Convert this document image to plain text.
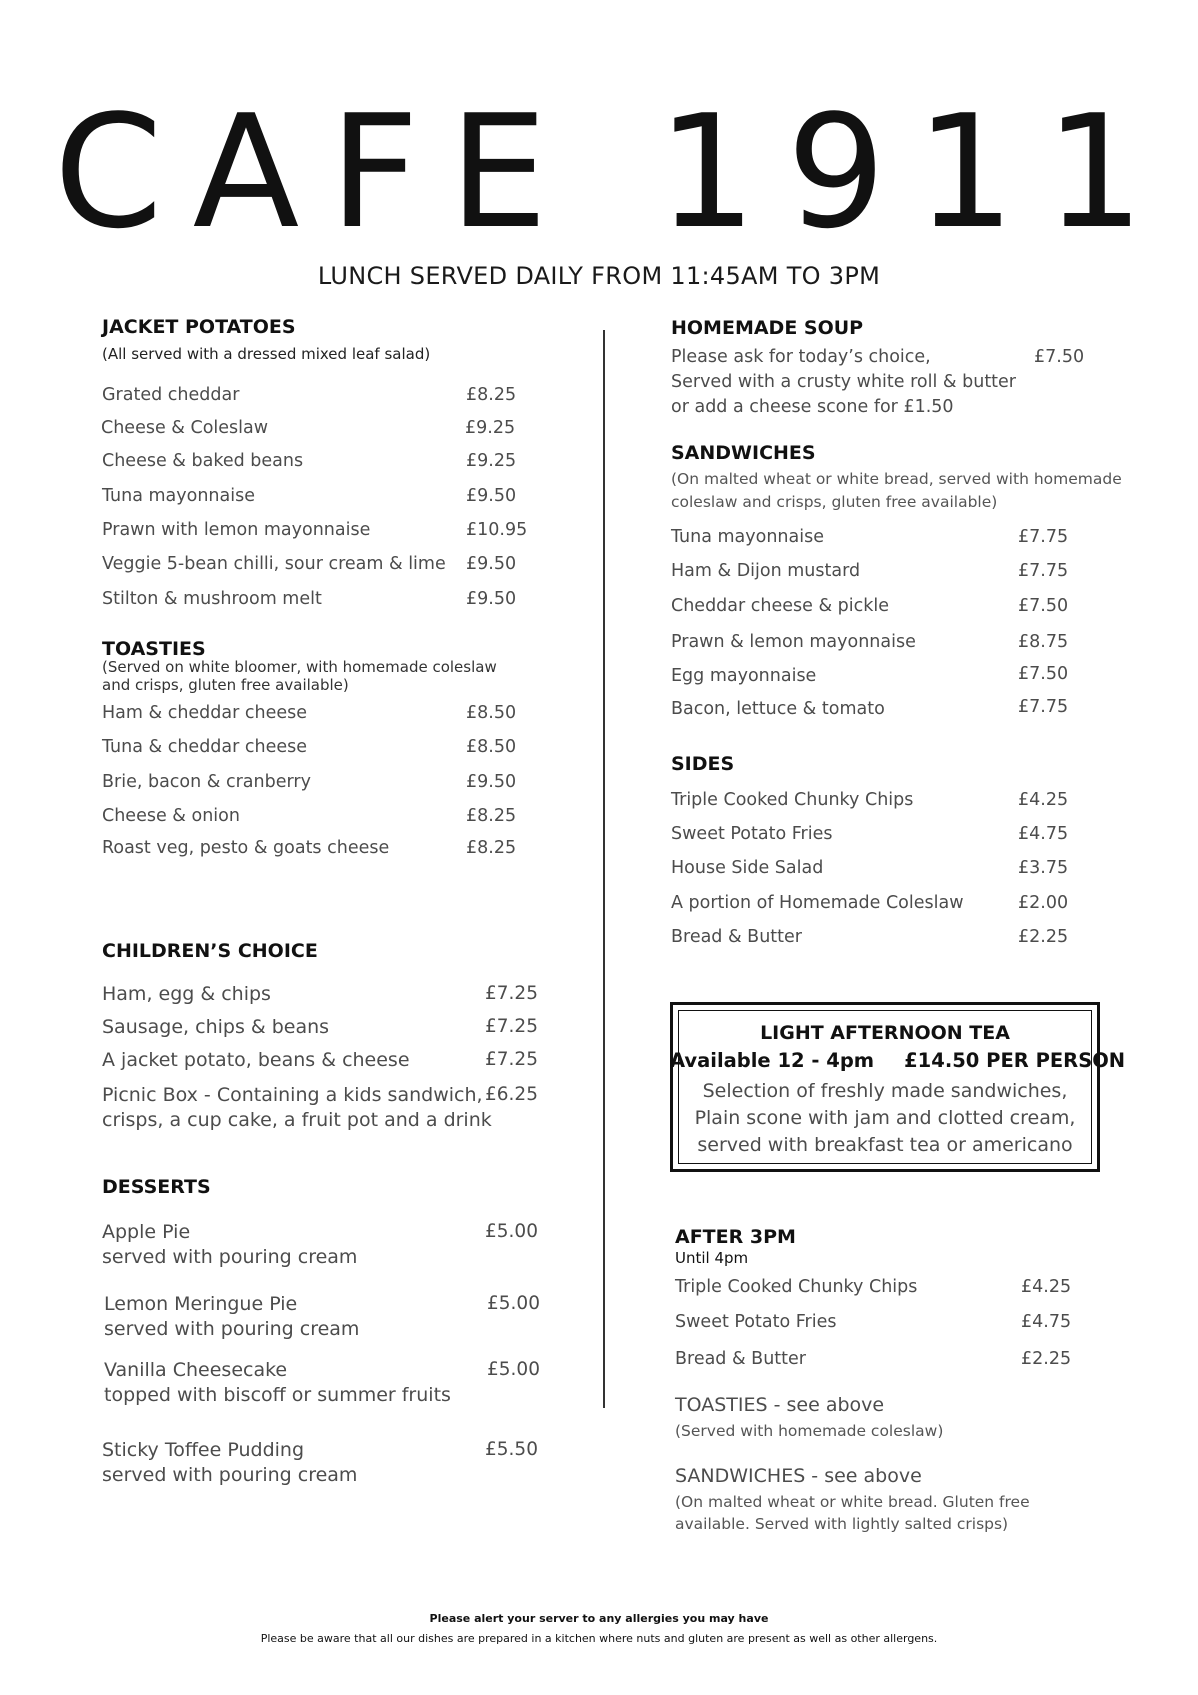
CAFE 1911
LUNCH SERVED DAILY FROM 11:45AM TO 3PM
JACKET POTATOES
(All served with a dressed mixed leaf salad)
Grated cheddar	£8.25
Cheese & Coleslaw	£9.25
Cheese & baked beans	£9.25
Tuna mayonnaise	£9.50
Prawn with lemon mayonnaise	£10.95
Veggie 5-bean chilli, sour cream & lime £9.50
Stilton & mushroom melt	£9.50
TOASTIES
(Served on white bloomer, with homemade coleslaw
and crisps, gluten free available)
Ham & cheddar cheese	£8.50
Tuna & cheddar cheese	£8.50
Brie, bacon & cranberry	£9.50
Cheese & onion	£8.25
Roast veg, pesto & goats cheese	£8.25
CHILDREN’S CHOICE
Ham, egg & chips	£7.25
Sausage, chips & beans	£7.25
A jacket potato, beans & cheese	£7.25
Picnic Box - Containing a kids sandwich,
crisps, a cup cake, a fruit pot and a drink
£6.25
DESSERTS
Apple Pie
served with pouring cream
£5.00
Lemon Meringue Pie
served with pouring cream
£5.00
Vanilla Cheesecake
topped with biscoff or summer fruits
£5.00
Sticky Toffee Pudding
served with pouring cream
£5.50
HOMEMADE SOUP
Please ask for today’s choice,	£7.50
Served with a crusty white roll & butter
or add a cheese scone for £1.50
SANDWICHES
(On malted wheat or white bread, served with homemade
coleslaw and crisps, gluten free available)
Tuna mayonnaise	£7.75
Ham & Dijon mustard	£7.75
Cheddar cheese & pickle	£7.50
Prawn & lemon mayonnaise	£8.75
Egg mayonnaise	£7.50
Bacon, lettuce & tomato	£7.75
SIDES
Triple Cooked Chunky Chips	£4.25
Sweet Potato Fries	£4.75
House Side Salad	£3.75
A portion of Homemade Coleslaw	£2.00
Bread & Butter	£2.25
LIGHT AFTERNOON TEA
Available 12 - 4pm £14.50 PER PERSON
Selection of freshly made sandwiches,
Plain scone with jam and clotted cream,
served with breakfast tea or americano
AFTER 3PM
Until 4pm
Triple Cooked Chunky Chips	£4.25
Sweet Potato Fries	£4.75
Bread & Butter	£2.25
TOASTIES - see above
(Served with homemade coleslaw)
SANDWICHES - see above
(On malted wheat or white bread. Gluten free
available. Served with lightly salted crisps)
Please alert your server to any allergies you may have
Please be aware that all our dishes are prepared in a kitchen where nuts and gluten are present as well as other allergens.
